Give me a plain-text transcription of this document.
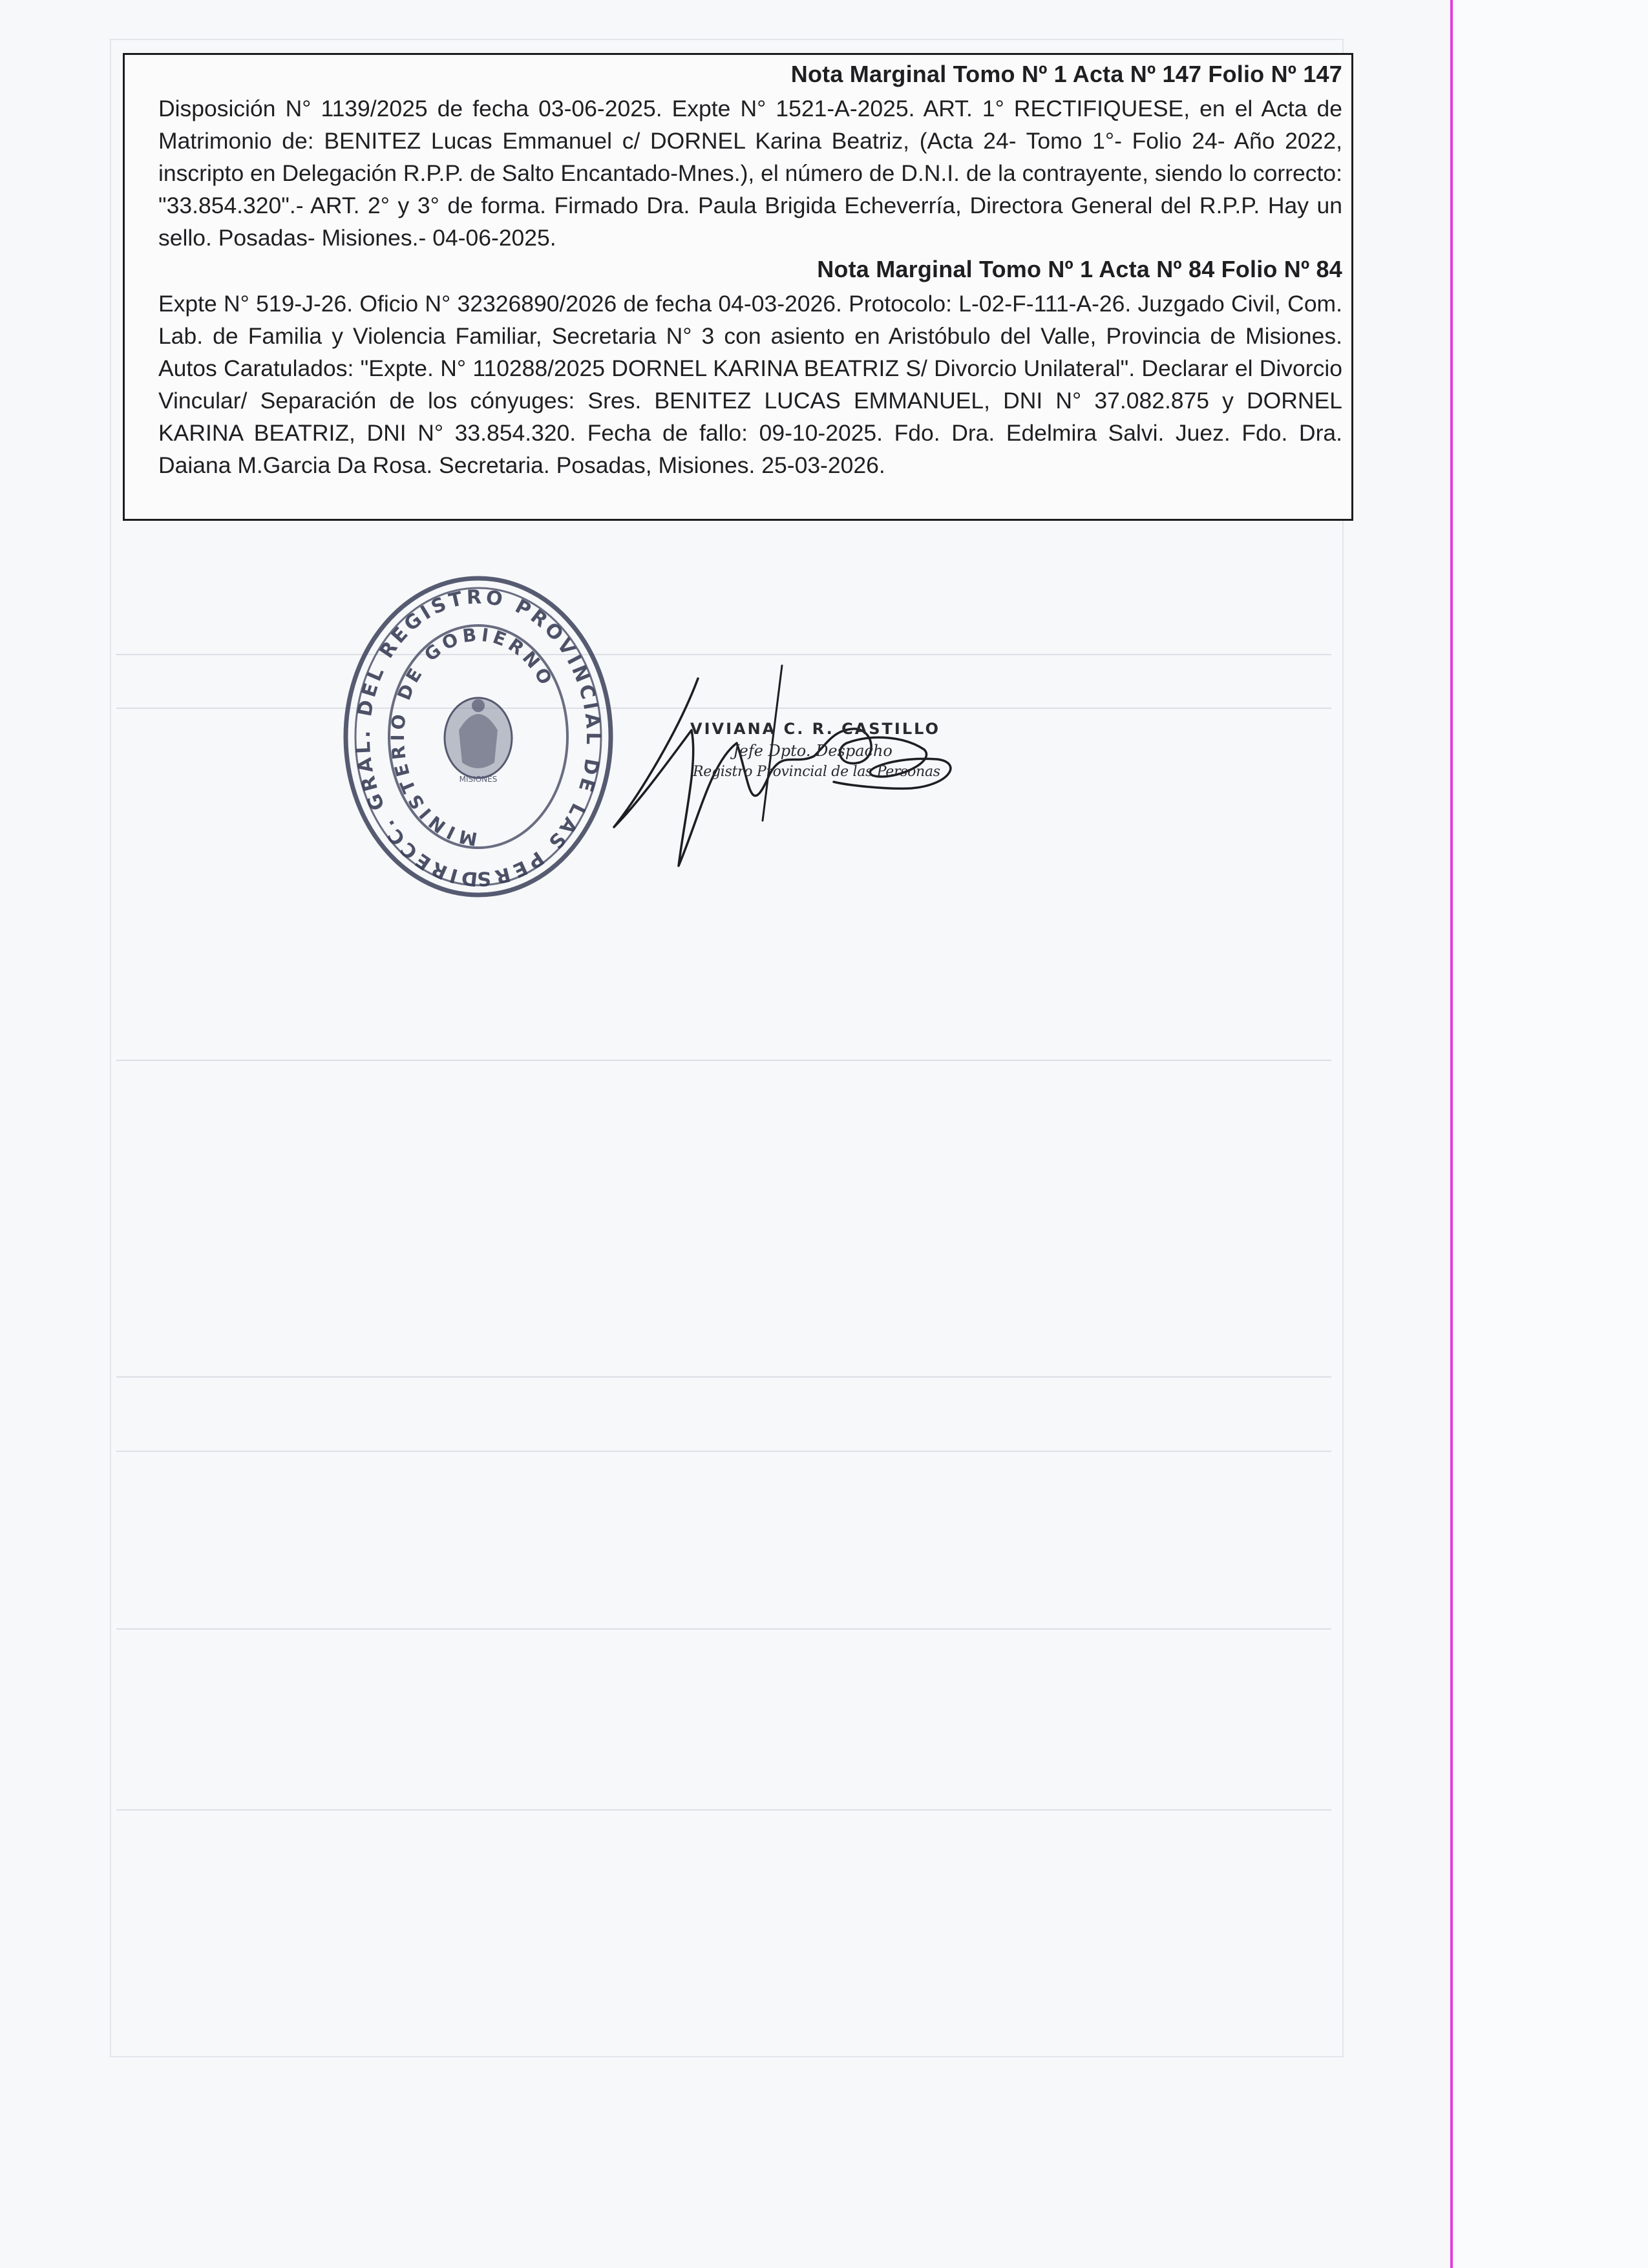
Nota Marginal Tomo Nº 1 Acta Nº 147 Folio Nº 147
Disposición N° 1139/2025 de fecha 03-06-2025. Expte N° 1521-A-2025. ART. 1° RECTIFIQUESE, en el Acta de Matrimonio de: BENITEZ Lucas Emmanuel c/ DORNEL Karina Beatriz, (Acta 24- Tomo 1°- Folio 24- Año 2022, inscripto en Delegación R.P.P. de Salto Encantado-Mnes.), el número de D.N.I. de la contrayente, siendo lo correcto: "33.854.320".- ART. 2° y 3° de forma. Firmado Dra. Paula Brigida Echeverría, Directora General del R.P.P. Hay un sello. Posadas- Misiones.- 04-06-2025.
Nota Marginal Tomo Nº 1 Acta Nº 84 Folio Nº 84
Expte N° 519-J-26. Oficio N° 32326890/2026 de fecha 04-03-2026. Protocolo: L-02-F-111-A-26. Juzgado Civil, Com. Lab. de Familia y Violencia Familiar, Secretaria N° 3 con asiento en Aristóbulo del Valle, Provincia de Misiones. Autos Caratulados: "Expte. N° 110288/2025 DORNEL KARINA BEATRIZ S/ Divorcio Unilateral". Declarar el Divorcio Vincular/ Separación de los cónyuges: Sres. BENITEZ LUCAS EMMANUEL, DNI N° 37.082.875 y DORNEL KARINA BEATRIZ, DNI N° 33.854.320. Fecha de fallo: 09-10-2025. Fdo. Dra. Edelmira Salvi. Juez. Fdo. Dra. Daiana M.Garcia Da Rosa. Secretaria. Posadas, Misiones. 25-03-2026.
DIRECC. GRAL. DEL REGISTRO PROVINCIAL DE LAS PERS
MINISTERIO DE GOBIERNO
MISIONES
VIVIANA C. R. CASTILLO
Jefe Dpto. Despacho
Registro Provincial de las Personas
